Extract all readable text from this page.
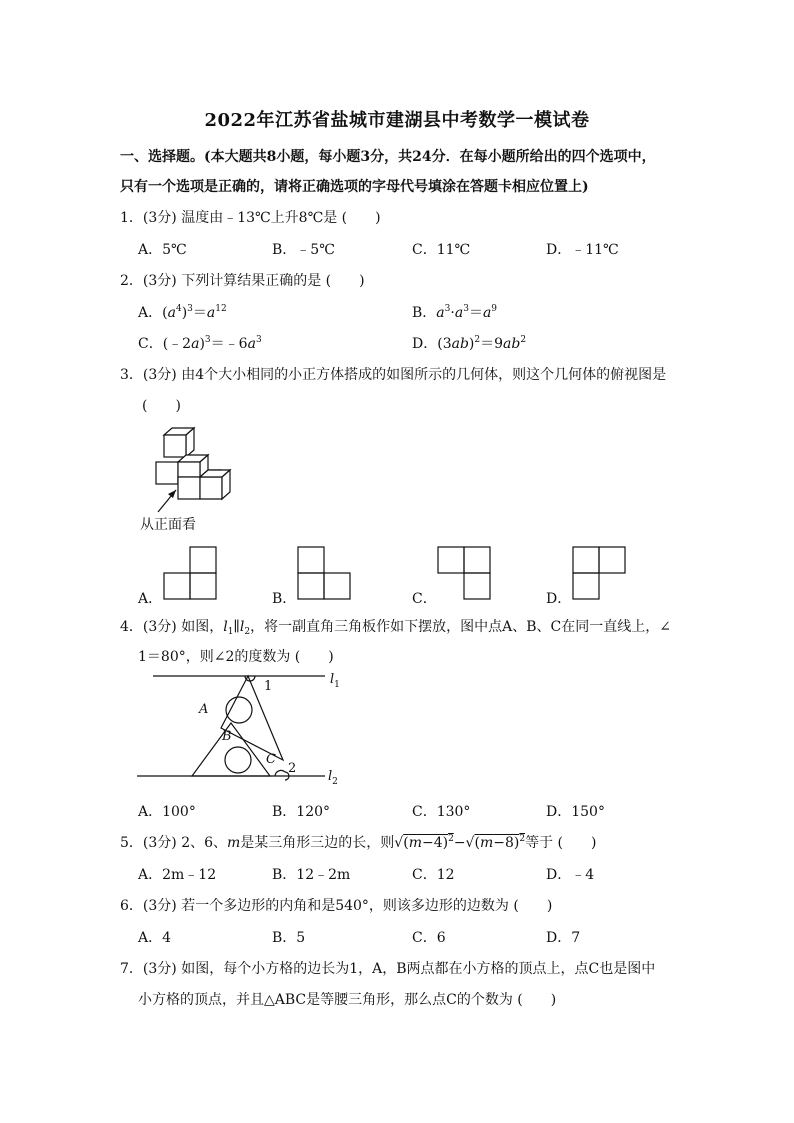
2022年江苏省盐城市建湖县中考数学一模试卷
一、选择题。(本大题共8小题，每小题3分，共24分．在每小题所给出的四个选项中，
只有一个选项是正确的，请将正确选项的字母代号填涂在答题卡相应位置上)
1．(3分) 温度由﹣13℃上升8℃是 (　　)
A．5℃	B．﹣5℃	C．11℃	D．﹣11℃
2．(3分) 下列计算结果正确的是 (　　)
A．$(a^4)^3=a^{12}$	B．$a^3\cdot a^3=a^9$
C．$(﹣2a)^3=﹣6a^3$	D．$(3ab)^2=9ab^2$
3．(3分) 由4个大小相同的小正方体搭成的如图所示的几何体，则这个几何体的俯视图是
(　　)
从正面看
A．	B．	C．	D．
4．(3分) 如图，$l_1\parallel l_2$，将一副直角三角板作如下摆放，图中点A、B、C在同一直线上，∠
1＝80°，则∠2的度数为 (　　)
1
2
A
B
C
$l_1$
$l_2$
A．100°	B．120°	C．130°	D．150°
5．(3分) 2、6、m是某三角形三边的长，则$√(m-4)^2-√(m-8)^2$等于 (　　)
A．2m﹣12	B．12﹣2m	C．12	D．﹣4
6．(3分) 若一个多边形的内角和是540°，则该多边形的边数为 (　　)
A．4	B．5	C．6	D．7
7．(3分) 如图，每个小方格的边长为1，A，B两点都在小方格的顶点上，点C也是图中
小方格的顶点，并且△ABC是等腰三角形，那么点C的个数为 (　　)
